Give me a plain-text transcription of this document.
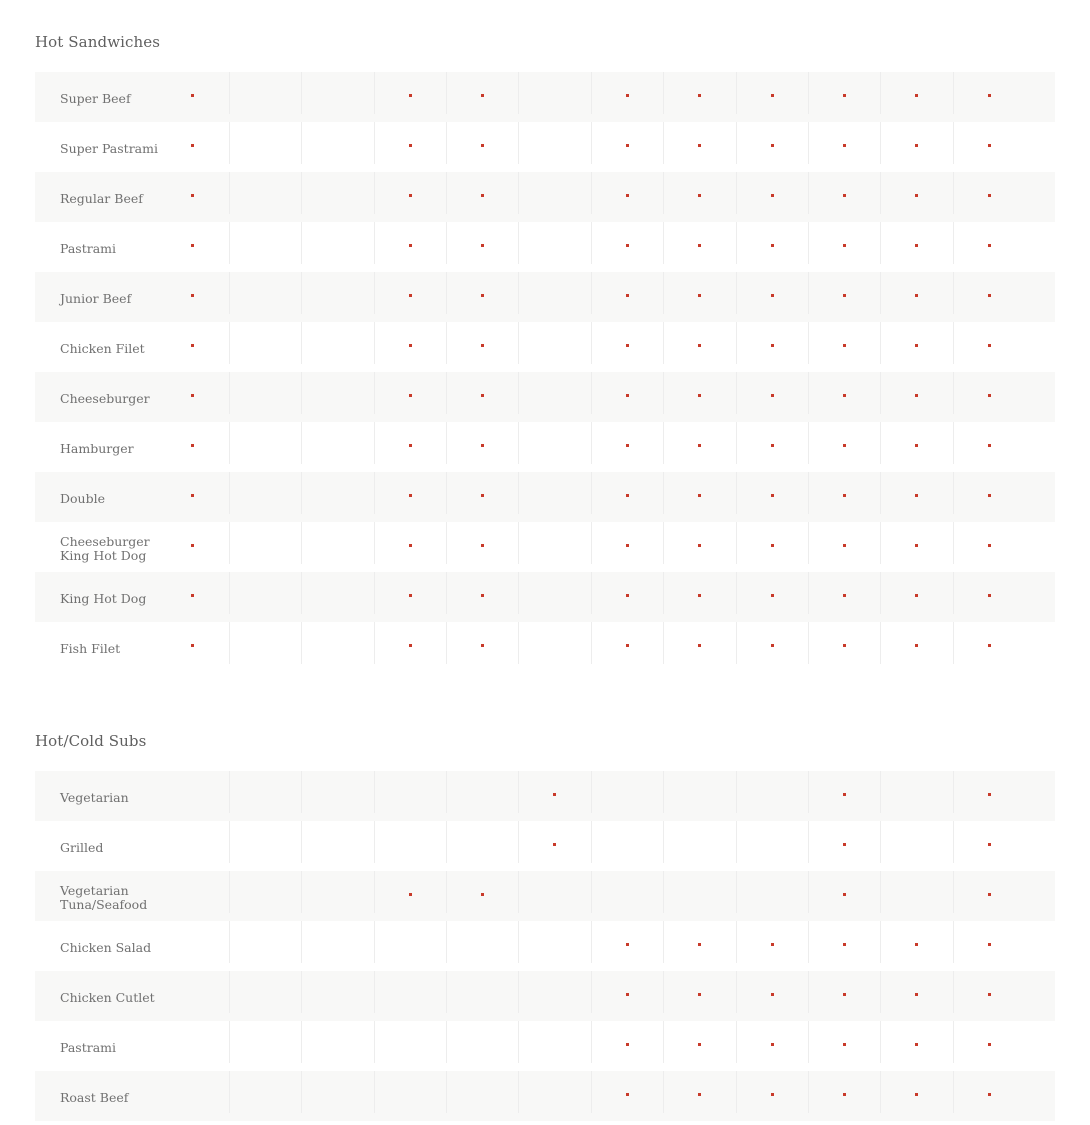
Hot Sandwiches
Super Beef
Super Pastrami
Regular Beef
Pastrami
Junior Beef
Chicken Filet
Cheeseburger
Hamburger
Double
Cheeseburger
King Hot Dog
King Hot Dog
Fish Filet
Hot/Cold Subs
Vegetarian
Grilled
Vegetarian
Tuna/Seafood
Chicken Salad
Chicken Cutlet
Pastrami
Roast Beef
